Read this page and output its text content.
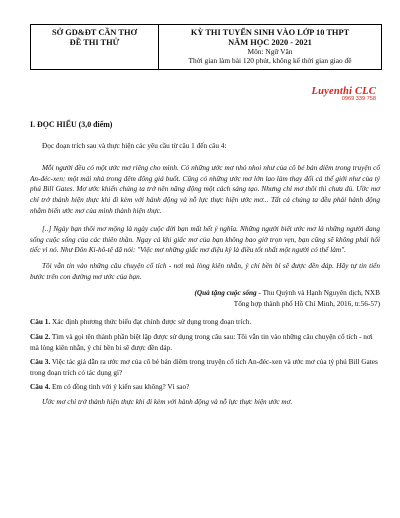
SỞ GD&ĐT CẦN THƠ
ĐỀ THI THỬ
KỲ THI TUYỂN SINH VÀO LỚP 10 THPT
NĂM HỌC 2020 - 2021
Môn: Ngữ Văn
Thời gian làm bài 120 phút, không kể thời gian giao đề
Luyenthi CLC
0969 339 758
I. ĐỌC HIỂU (3,0 điểm)
Đọc đoạn trích sau và thực hiện các yêu cầu từ câu 1 đến câu 4:

Mỗi người đều có một ước mơ riêng cho mình. Có những ước mơ nhỏ nhoi như của cô bé bán diêm trong truyện cổ An-đéc-xen: một mái nhà trong đêm đông giá buốt. Cũng có những ước mơ lớn lao làm thay đổi cả thế giới như của tỷ phú Bill Gates. Mơ ước khiến chúng ta trở nên năng động một cách sáng tạo. Nhưng chỉ mơ thôi thì chưa đủ. Ước mơ chỉ trở thành hiện thực khi đi kèm với hành động và nỗ lực thực hiện ước mơ... Tất cả chúng ta đều phải hành động nhằm biến ước mơ của mình thành hiện thực.

[..] Ngày bạn thôi mơ mộng là ngày cuộc đời bạn mất hết ý nghĩa. Những người biết ước mơ là những người đang sống cuộc sống của các thiên thần. Ngay cả khi giấc mơ của bạn không bao giờ trọn vẹn, bạn cũng sẽ không phải hối tiếc vì nó. Như Đôn Ki-hô-tê đã nói: "Việc mơ những giấc mơ diệu kỳ là điều tốt nhất một người có thể làm".

Tôi vẫn tin vào những câu chuyện cổ tích - nơi mà lòng kiên nhẫn, ý chí bền bỉ sẽ được đền đáp. Hãy tự tin tiến bước trên con đường mơ ước của bạn.

(Quà tặng cuộc sống - Thu Quỳnh và Hạnh Nguyên dịch, NXB
Tổng hợp thành phố Hồ Chí Minh, 2016, tr.56-57)
Câu 1. Xác định phương thức biểu đạt chính được sử dụng trong đoạn trích.
Câu 2. Tìm và gọi tên thành phần biệt lập được sử dụng trong câu sau: Tôi vẫn tin vào những câu chuyện cổ tích - nơi mà lòng kiên nhẫn, ý chí bền bỉ sẽ được đền đáp.
Câu 3. Việc tác giả dẫn ra ước mơ của cô bé bán diêm trong truyện cổ tích An-đéc-xen và ước mơ của tỷ phú Bill Gates trong đoạn trích có tác dụng gì?
Câu 4. Em có đồng tình với ý kiến sau không? Vì sao?

Ước mơ chỉ trở thành hiện thực khi đi kèm với hành động và nỗ lực thực hiện ước mơ.
